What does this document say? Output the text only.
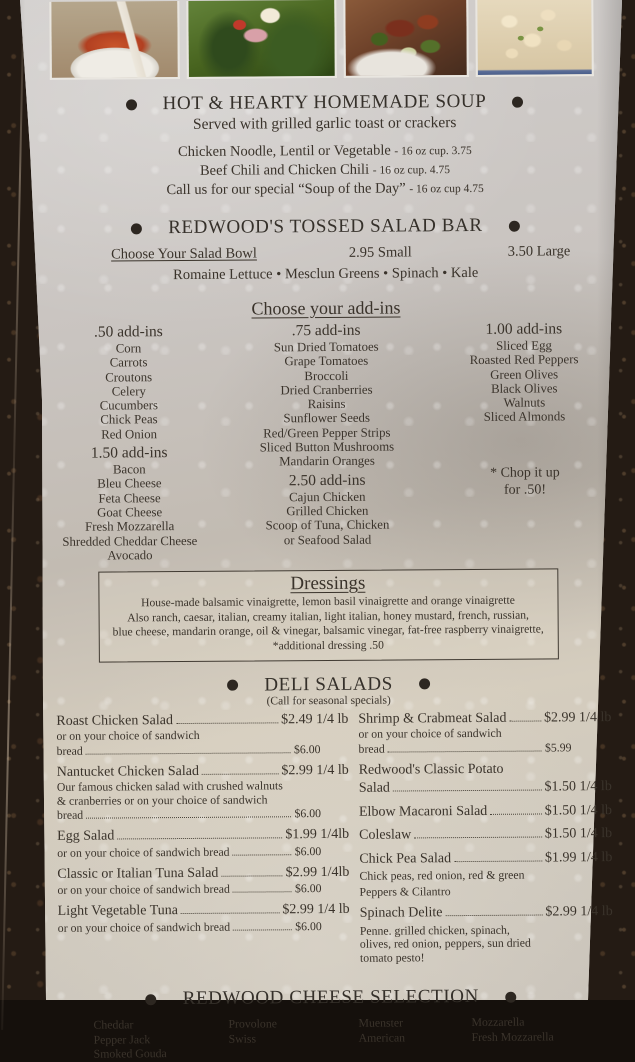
HOT & HEARTY HOMEMADE SOUP
Served with grilled garlic toast or crackers
Chicken Noodle, Lentil or Vegetable - 16 oz cup. 3.75
Beef Chili and Chicken Chili - 16 oz cup. 4.75
Call us for our special “Soup of the Day” - 16 oz cup 4.75
REDWOOD'S TOSSED SALAD BAR
Choose Your Salad Bowl	2.95 Small	3.50 Large
Romaine Lettuce • Mesclun Greens • Spinach • Kale
Choose your add-ins
.50 add-ins
Corn
Carrots
Croutons
Celery
Cucumbers
Chick Peas
Red Onion
1.50 add-ins
Bacon
Bleu Cheese
Feta Cheese
Goat Cheese
Fresh Mozzarella
Shredded Cheddar Cheese
Avocado
.75 add-ins
Sun Dried Tomatoes
Grape Tomatoes
Broccoli
Dried Cranberries
Raisins
Sunflower Seeds
Red/Green Pepper Strips
Sliced Button Mushrooms
Mandarin Oranges
2.50 add-ins
Cajun Chicken
Grilled Chicken
Scoop of Tuna, Chicken
or Seafood Salad
1.00 add-ins
Sliced Egg
Roasted Red Peppers
Green Olives
Black Olives
Walnuts
Sliced Almonds
* Chop it up
for .50!
Dressings
House-made balsamic vinaigrette, lemon basil vinaigrette and orange vinaigrette
Also ranch, caesar, italian, creamy italian, light italian, honey mustard, french, russian,
blue cheese, mandarin orange, oil & vinegar, balsamic vinegar, fat-free raspberry vinaigrette,
*additional dressing .50
DELI SALADS
(Call for seasonal specials)
Roast Chicken Salad	$2.49 1/4 lb
or on your choice of sandwich
bread	$6.00
Nantucket Chicken Salad	$2.99 1/4 lb
Our famous chicken salad with crushed walnuts
& cranberries or on your choice of sandwich
bread	$6.00
Egg Salad	$1.99 1/4lb
or on your choice of sandwich bread	$6.00
Classic or Italian Tuna Salad	$2.99 1/4lb
or on your choice of sandwich bread	$6.00
Light Vegetable Tuna	$2.99 1/4 lb
or on your choice of sandwich bread	$6.00
Shrimp & Crabmeat Salad	$2.99 1/4 lb
or on your choice of sandwich
bread	$5.99
Redwood's Classic Potato
Salad	$1.50 1/4 lb
Elbow Macaroni Salad	$1.50 1/4 lb
Coleslaw	$1.50 1/4 lb
Chick Pea Salad	$1.99 1/4 lb
Chick peas, red onion, red & green
Peppers & Cilantro
Spinach Delite	$2.99 1/4 lb
Penne. grilled chicken, spinach,
olives, red onion, peppers, sun dried
tomato pesto!
REDWOOD CHEESE SELECTION
Cheddar
Pepper Jack
Smoked Gouda
Provolone
Swiss
Muenster
American
Mozzarella
Fresh Mozzarella
